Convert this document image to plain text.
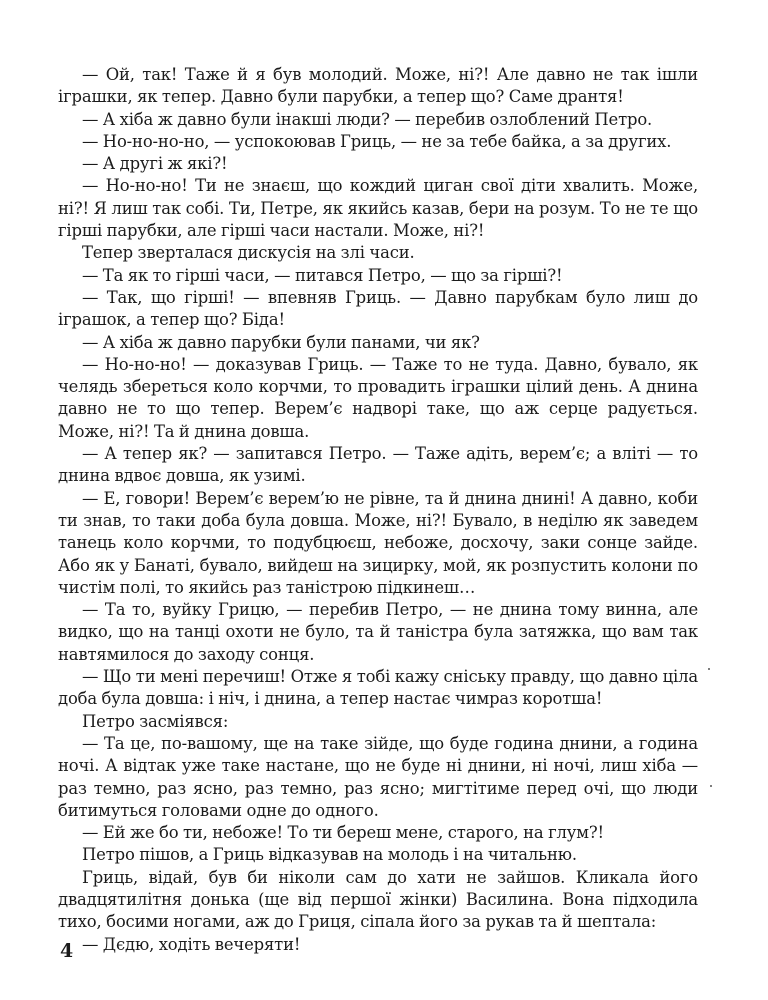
— Ой, так! Таже й я був молодий. Може, ні?! Але давно не так ішли іграшки, як тепер. Давно були парубки, а тепер що? Саме дрантя!

— А хіба ж давно були інакші люди? — перебив озлоблений Петро.

— Но-но-но-но, — успокоював Гриць, — не за тебе байка, а за других.

— А другі ж які?!

— Но-но-но! Ти не знаєш, що кождий циган свої діти хвалить. Може, ні?! Я лиш так собі. Ти, Петре, як якийсь казав, бери на розум. То не те що гірші парубки, але гірші часи настали. Може, ні?!

Тепер зверталася дискусія на злі часи.

— Та як то гірші часи, — питався Петро, — що за гірші?!

— Так, що гірші! — впевняв Гриць. — Давно парубкам було лиш до іграшок, а тепер що? Біда!

— А хіба ж давно парубки були панами, чи як?

— Но-но-но! — доказував Гриць. — Таже то не туда. Давно, бувало, як челядь збереться коло корчми, то провадить іграшки цілий день. А днина давно не то що тепер. Верем’є надворі таке, що аж серце радується. Може, ні?! Та й днина довша.

— А тепер як? — запитався Петро. — Таже адіть, верем’є; а влітi — то днина вдвоє довша, як узимі.

— Е, говори! Верем’є верем’ю не рівне, та й днина днині! А давно, коби ти знав, то таки доба була довша. Може, ні?! Бувало, в неділю як заведем танець коло корчми, то подубцюєш, небоже, досхочу, заки сонце зайде. Або як у Банаті, бувало, вийдеш на зицирку, мой, як розпустить колони по чистім полі, то якийсь раз таністрою підкинеш…

— Та то, вуйку Грицю, — перебив Петро, — не днина тому винна, але видко, що на танці охоти не було, та й таністра була затяжка, що вам так навтямилося до заходу сонця.

— Що ти мені перечиш! Отже я тобі кажу сніську правду, що давно ціла доба була довша: і ніч, і днина, а тепер настає чимраз коротша!

Петро засміявся:

— Та це, по-вашому, ще на таке зійде, що буде година днини, а година ночі. А відтак уже таке настане, що не буде ні днини, ні ночі, лиш хіба — раз темно, раз ясно, раз темно, раз ясно; мигтітиме перед очі, що люди битимуться головами одне до одного.

— Ей же бо ти, небоже! То ти береш мене, старого, на глум?!

Петро пішов, а Гриць відказував на молодь і на читальню.

Гриць, відай, був би ніколи сам до хати не зайшов. Кликала його двадцятилітня донька (ще від першої жінки) Василина. Вона підходила тихо, босими ногами, аж до Гриця, сіпала його за рукав та й шептала:

— Дєдю, ходіть вечеряти!

4
